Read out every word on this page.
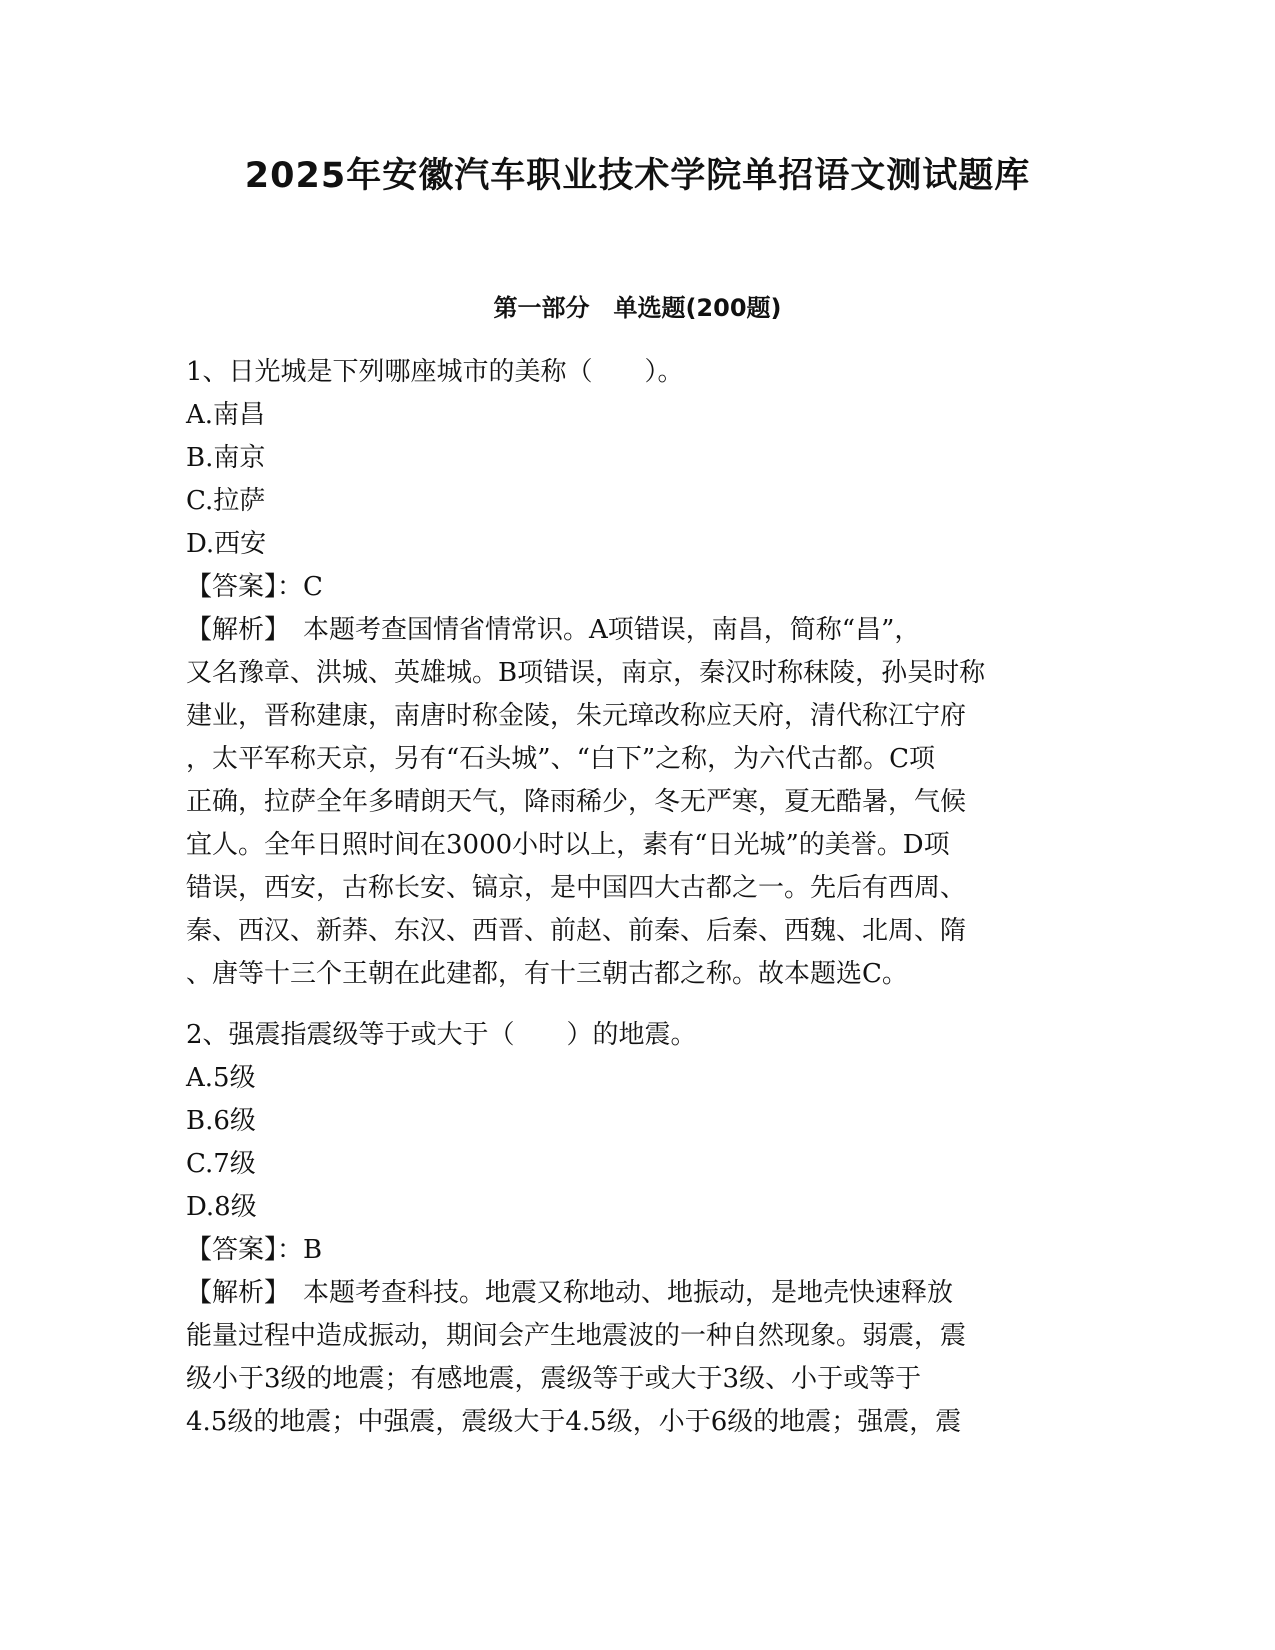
2025年安徽汽车职业技术学院单招语文测试题库
第一部分　单选题(200题)
1、日光城是下列哪座城市的美称（　　）。
A.南昌
B.南京
C.拉萨
D.西安
【答案】：C
【解析】　本题考查国情省情常识。A项错误，南昌，简称“昌”，
又名豫章、洪城、英雄城。B项错误，南京，秦汉时称秣陵，孙吴时称
建业，晋称建康，南唐时称金陵，朱元璋改称应天府，清代称江宁府
，太平军称天京，另有“石头城”、“白下”之称，为六代古都。C项
正确，拉萨全年多晴朗天气，降雨稀少，冬无严寒，夏无酷暑，气候
宜人。全年日照时间在3000小时以上，素有“日光城”的美誉。D项
错误，西安，古称长安、镐京，是中国四大古都之一。先后有西周、
秦、西汉、新莽、东汉、西晋、前赵、前秦、后秦、西魏、北周、隋
、唐等十三个王朝在此建都，有十三朝古都之称。故本题选C。
2、强震指震级等于或大于（　　）的地震。
A.5级
B.6级
C.7级
D.8级
【答案】：B
【解析】　本题考查科技。地震又称地动、地振动，是地壳快速释放
能量过程中造成振动，期间会产生地震波的一种自然现象。弱震，震
级小于3级的地震；有感地震，震级等于或大于3级、小于或等于
4.5级的地震；中强震，震级大于4.5级，小于6级的地震；强震，震
